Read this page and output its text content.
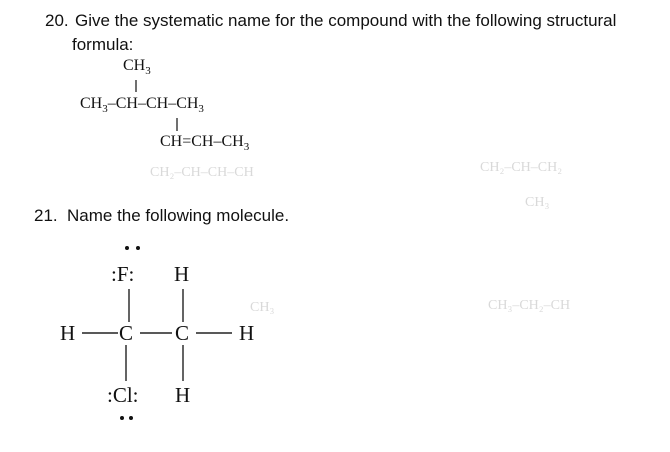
CH₂–CH–CH–CH	CH₂–CH–CH₂
CH₃	CH₃–CH₂–CH
CH₃
20. Give the systematic name for the compound with the following structural
formula:
$CH_3$
$CH_3-CH-CH-CH_3$
$CH=CH-CH_3$
21. Name the following molecule.
:F: H
H C C H
:Cl: H
